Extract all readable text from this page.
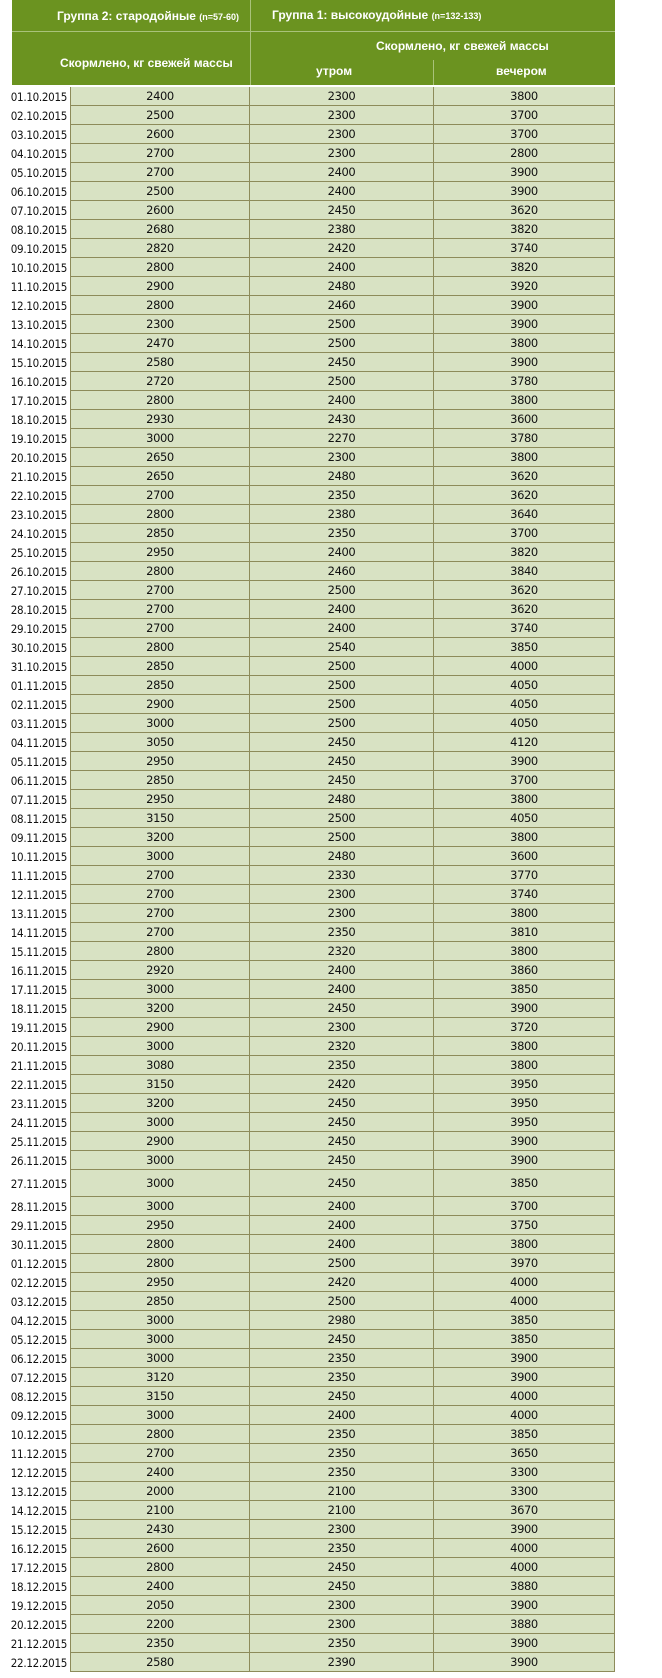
Группа 2: стародойные (n=57-60)	Группа 1: высокоудойные (n=132-133)
Скормлено, кг свежей массы
Скормлено, кг свежей массы
утром	вечером
01.10.2015	2400	2300	3800
02.10.2015	2500	2300	3700
03.10.2015	2600	2300	3700
04.10.2015	2700	2300	2800
05.10.2015	2700	2400	3900
06.10.2015	2500	2400	3900
07.10.2015	2600	2450	3620
08.10.2015	2680	2380	3820
09.10.2015	2820	2420	3740
10.10.2015	2800	2400	3820
11.10.2015	2900	2480	3920
12.10.2015	2800	2460	3900
13.10.2015	2300	2500	3900
14.10.2015	2470	2500	3800
15.10.2015	2580	2450	3900
16.10.2015	2720	2500	3780
17.10.2015	2800	2400	3800
18.10.2015	2930	2430	3600
19.10.2015	3000	2270	3780
20.10.2015	2650	2300	3800
21.10.2015	2650	2480	3620
22.10.2015	2700	2350	3620
23.10.2015	2800	2380	3640
24.10.2015	2850	2350	3700
25.10.2015	2950	2400	3820
26.10.2015	2800	2460	3840
27.10.2015	2700	2500	3620
28.10.2015	2700	2400	3620
29.10.2015	2700	2400	3740
30.10.2015	2800	2540	3850
31.10.2015	2850	2500	4000
01.11.2015	2850	2500	4050
02.11.2015	2900	2500	4050
03.11.2015	3000	2500	4050
04.11.2015	3050	2450	4120
05.11.2015	2950	2450	3900
06.11.2015	2850	2450	3700
07.11.2015	2950	2480	3800
08.11.2015	3150	2500	4050
09.11.2015	3200	2500	3800
10.11.2015	3000	2480	3600
11.11.2015	2700	2330	3770
12.11.2015	2700	2300	3740
13.11.2015	2700	2300	3800
14.11.2015	2700	2350	3810
15.11.2015	2800	2320	3800
16.11.2015	2920	2400	3860
17.11.2015	3000	2400	3850
18.11.2015	3200	2450	3900
19.11.2015	2900	2300	3720
20.11.2015	3000	2320	3800
21.11.2015	3080	2350	3800
22.11.2015	3150	2420	3950
23.11.2015	3200	2450	3950
24.11.2015	3000	2450	3950
25.11.2015	2900	2450	3900
26.11.2015	3000	2450	3900
27.11.2015	3000	2450	3850
28.11.2015	3000	2400	3700
29.11.2015	2950	2400	3750
30.11.2015	2800	2400	3800
01.12.2015	2800	2500	3970
02.12.2015	2950	2420	4000
03.12.2015	2850	2500	4000
04.12.2015	3000	2980	3850
05.12.2015	3000	2450	3850
06.12.2015	3000	2350	3900
07.12.2015	3120	2350	3900
08.12.2015	3150	2450	4000
09.12.2015	3000	2400	4000
10.12.2015	2800	2350	3850
11.12.2015	2700	2350	3650
12.12.2015	2400	2350	3300
13.12.2015	2000	2100	3300
14.12.2015	2100	2100	3670
15.12.2015	2430	2300	3900
16.12.2015	2600	2350	4000
17.12.2015	2800	2450	4000
18.12.2015	2400	2450	3880
19.12.2015	2050	2300	3900
20.12.2015	2200	2300	3880
21.12.2015	2350	2350	3900
22.12.2015	2580	2390	3900
